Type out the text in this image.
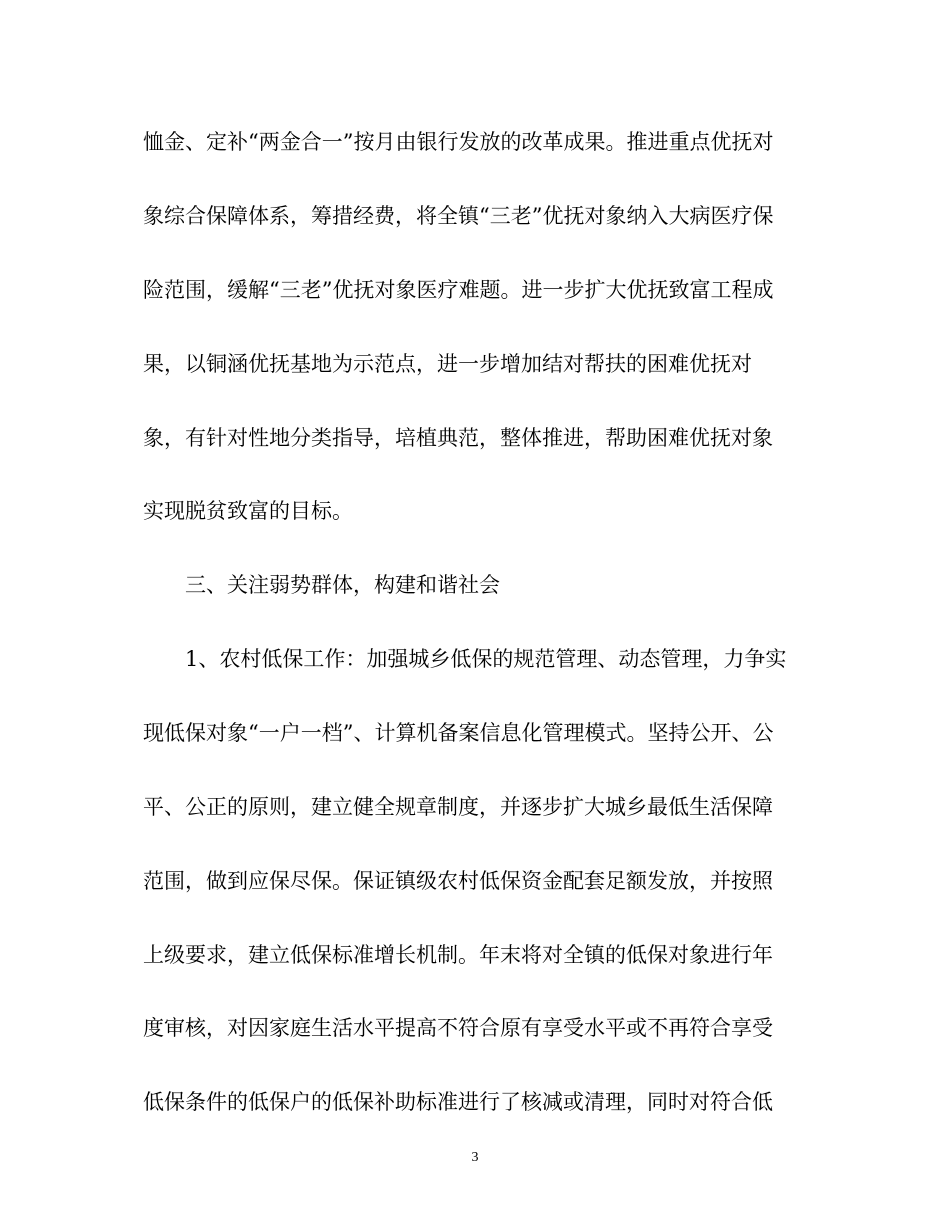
恤金、定补“两金合一”按月由银行发放的改革成果。推进重点优抚对
象综合保障体系，筹措经费，将全镇“三老”优抚对象纳入大病医疗保
险范围，缓解“三老”优抚对象医疗难题。进一步扩大优抚致富工程成
果，以铜涵优抚基地为示范点，进一步增加结对帮扶的困难优抚对
象，有针对性地分类指导，培植典范，整体推进，帮助困难优抚对象
实现脱贫致富的目标。
三、关注弱势群体，构建和谐社会
1、农村低保工作：加强城乡低保的规范管理、动态管理，力争实
现低保对象“一户一档”、计算机备案信息化管理模式。坚持公开、公
平、公正的原则，建立健全规章制度，并逐步扩大城乡最低生活保障
范围，做到应保尽保。保证镇级农村低保资金配套足额发放，并按照
上级要求，建立低保标准增长机制。年末将对全镇的低保对象进行年
度审核，对因家庭生活水平提高不符合原有享受水平或不再符合享受
低保条件的低保户的低保补助标准进行了核减或清理，同时对符合低
3
